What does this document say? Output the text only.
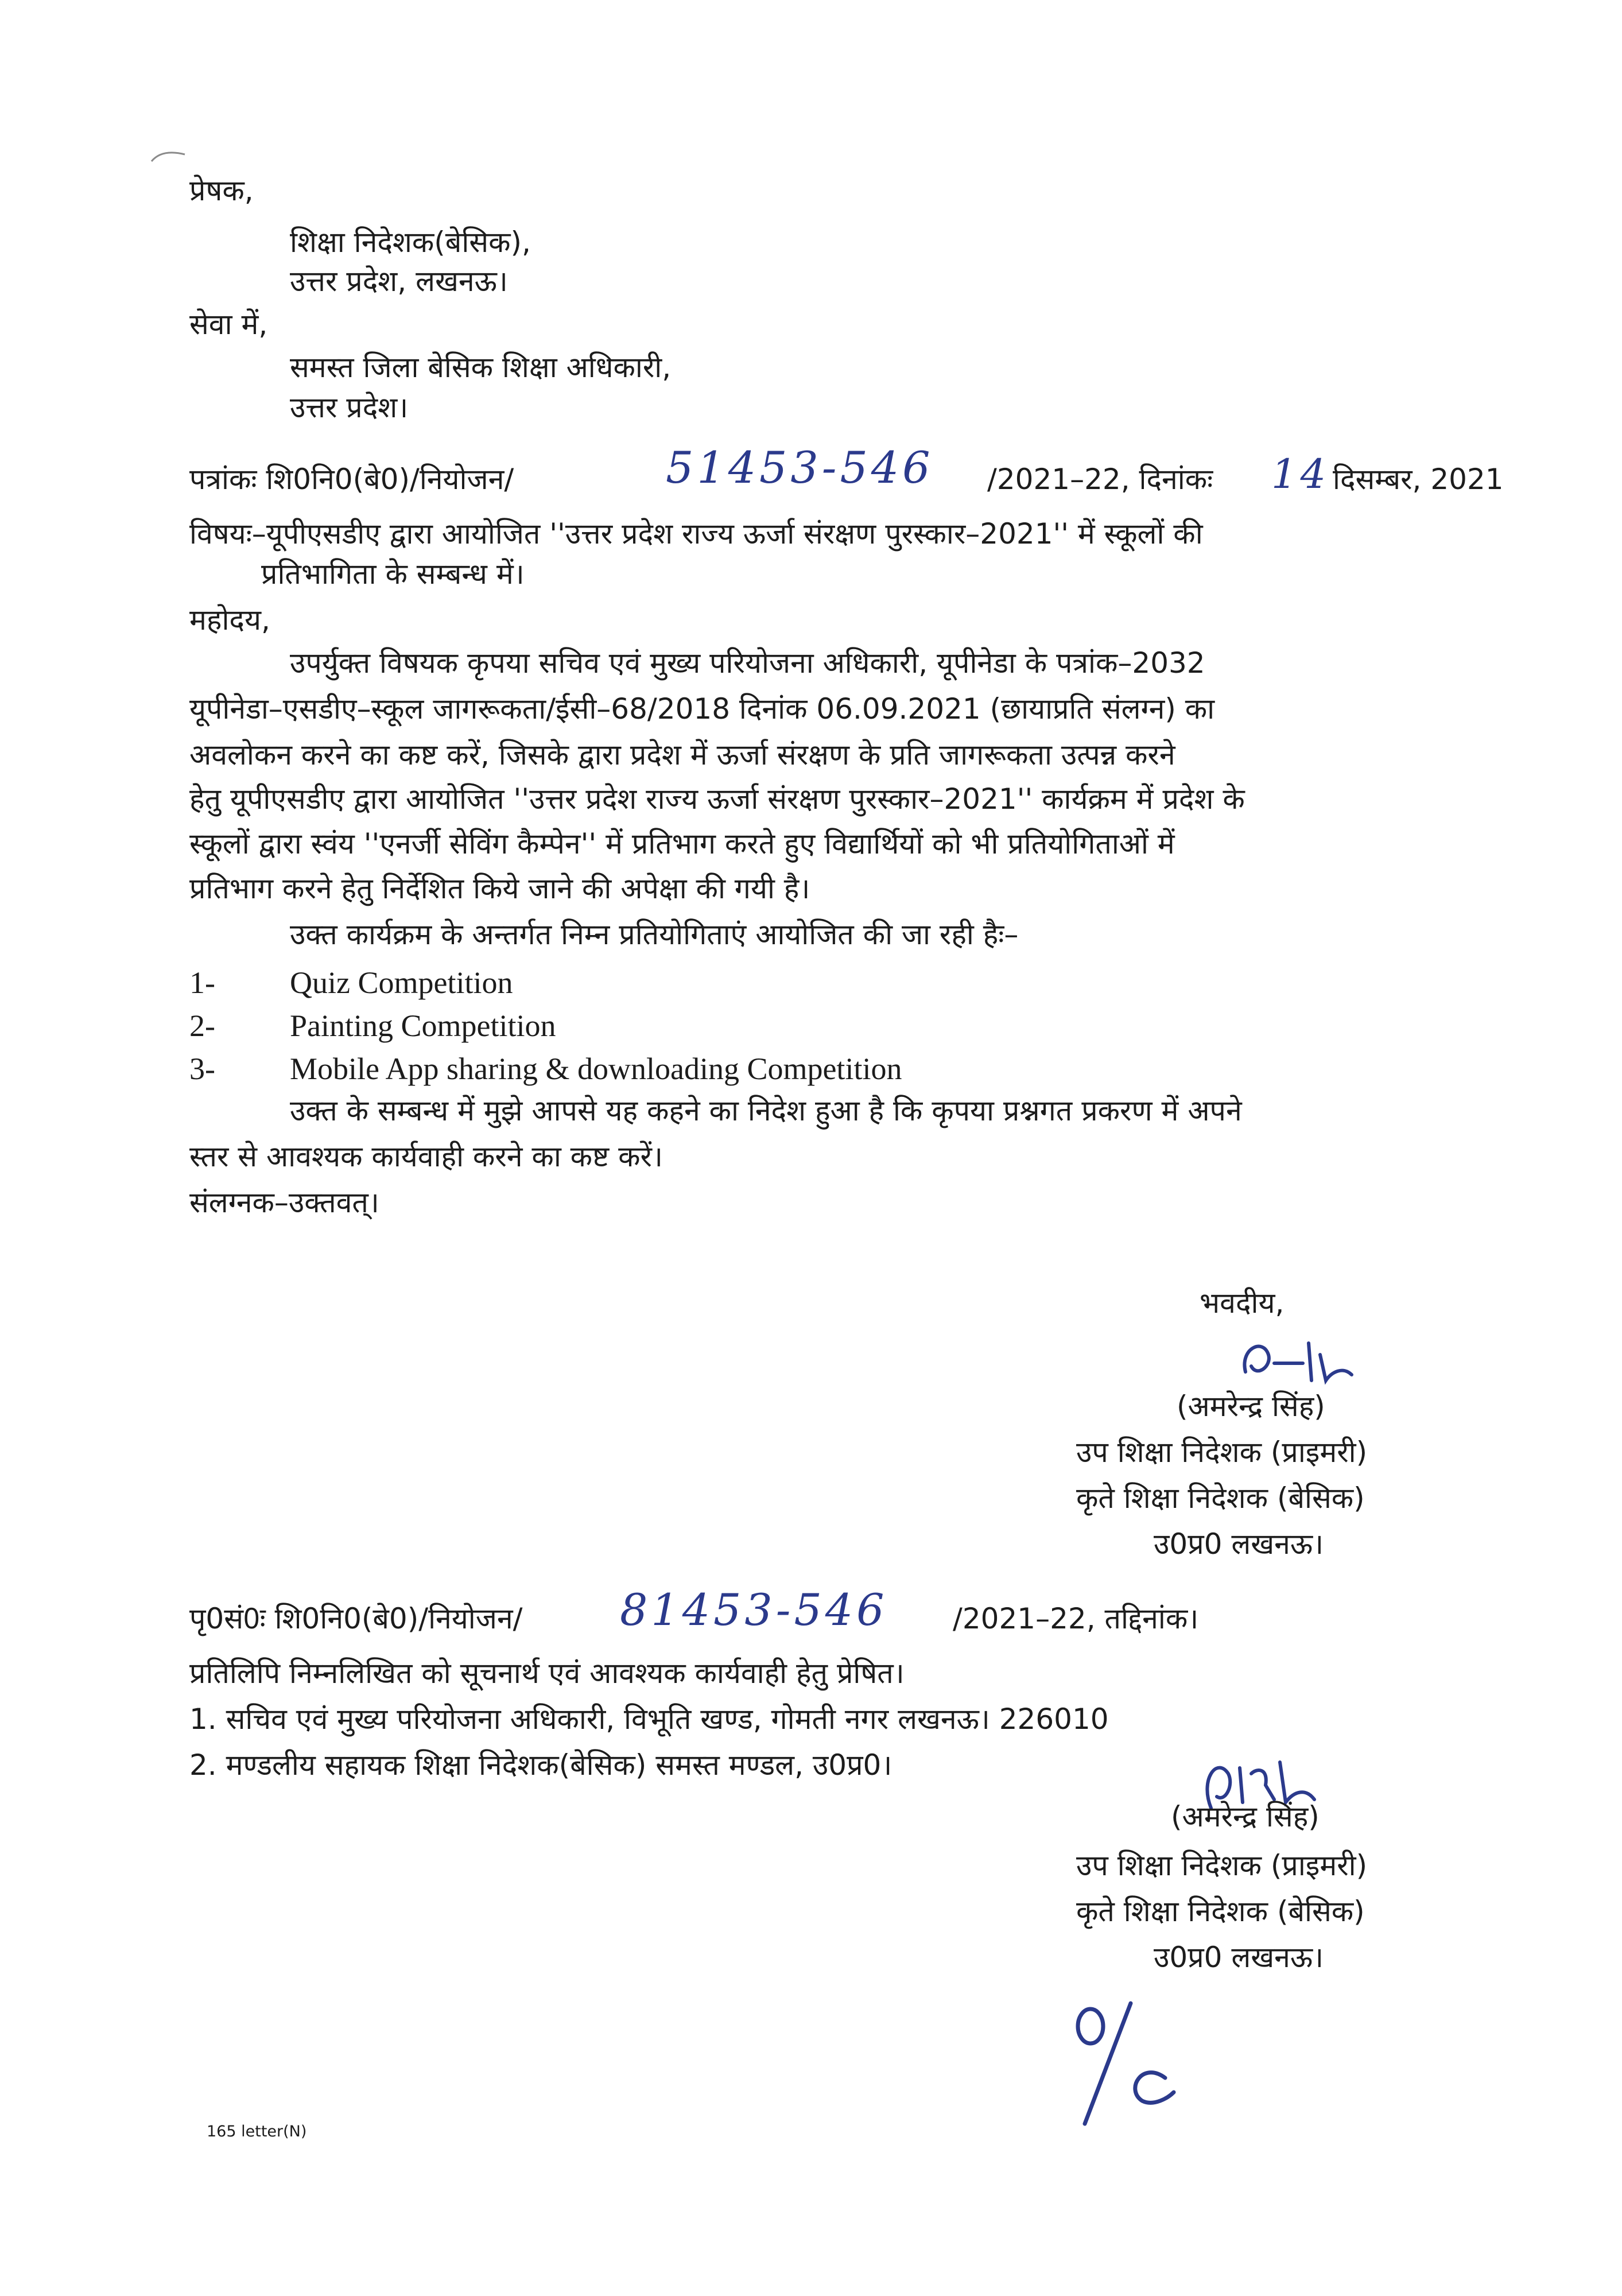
प्रेषक,
शिक्षा निदेशक(बेसिक),
उत्तर प्रदेश, लखनऊ।
सेवा में,
समस्त जिला बेसिक शिक्षा अधिकारी,
उत्तर प्रदेश।
पत्रांकः शि0नि0(बे0)/नियोजन/	51453-546 /2021–22, दिनांकः 14 दिसम्बर, 2021
विषयः–यूपीएसडीए द्वारा आयोजित ''उत्तर प्रदेश राज्य ऊर्जा संरक्षण पुरस्कार–2021'' में स्कूलों की
प्रतिभागिता के सम्बन्ध में।
महोदय,
उपर्युक्त विषयक कृपया सचिव एवं मुख्य परियोजना अधिकारी, यूपीनेडा के पत्रांक–2032
यूपीनेडा–एसडीए–स्कूल जागरूकता/ईसी–68/2018 दिनांक 06.09.2021 (छायाप्रति संलग्न) का
अवलोकन करने का कष्ट करें, जिसके द्वारा प्रदेश में ऊर्जा संरक्षण के प्रति जागरूकता उत्पन्न करने
हेतु यूपीएसडीए द्वारा आयोजित ''उत्तर प्रदेश राज्य ऊर्जा संरक्षण पुरस्कार–2021'' कार्यक्रम में प्रदेश के
स्कूलों द्वारा स्वंय ''एनर्जी सेविंग कैम्पेन'' में प्रतिभाग करते हुए विद्यार्थियों को भी प्रतियोगिताओं में
प्रतिभाग करने हेतु निर्देशित किये जाने की अपेक्षा की गयी है।
उक्त कार्यक्रम के अन्तर्गत निम्न प्रतियोगिताएं आयोजित की जा रही हैः–
1- Quiz Competition
2- Painting Competition
3- Mobile App sharing & downloading Competition
उक्त के सम्बन्ध में मुझे आपसे यह कहने का निदेश हुआ है कि कृपया प्रश्नगत प्रकरण में अपने
स्तर से आवश्यक कार्यवाही करने का कष्ट करें।
संलग्नक–उक्तवत्।
भवदीय,
(अमरेन्द्र सिंह)
उप शिक्षा निदेशक (प्राइमरी)
कृते शिक्षा निदेशक (बेसिक)
उ0प्र0 लखनऊ।
पृ0सं0ः शि0नि0(बे0)/नियोजन/ 81453-546 /2021–22, तद्दिनांक।
प्रतिलिपि निम्नलिखित को सूचनार्थ एवं आवश्यक कार्यवाही हेतु प्रेषित।
1. सचिव एवं मुख्य परियोजना अधिकारी, विभूति खण्ड, गोमती नगर लखनऊ। 226010
2. मण्डलीय सहायक शिक्षा निदेशक(बेसिक) समस्त मण्डल, उ0प्र0।
(अमरेन्द्र सिंह)
उप शिक्षा निदेशक (प्राइमरी)
कृते शिक्षा निदेशक (बेसिक)
उ0प्र0 लखनऊ।
165 letter(N)
